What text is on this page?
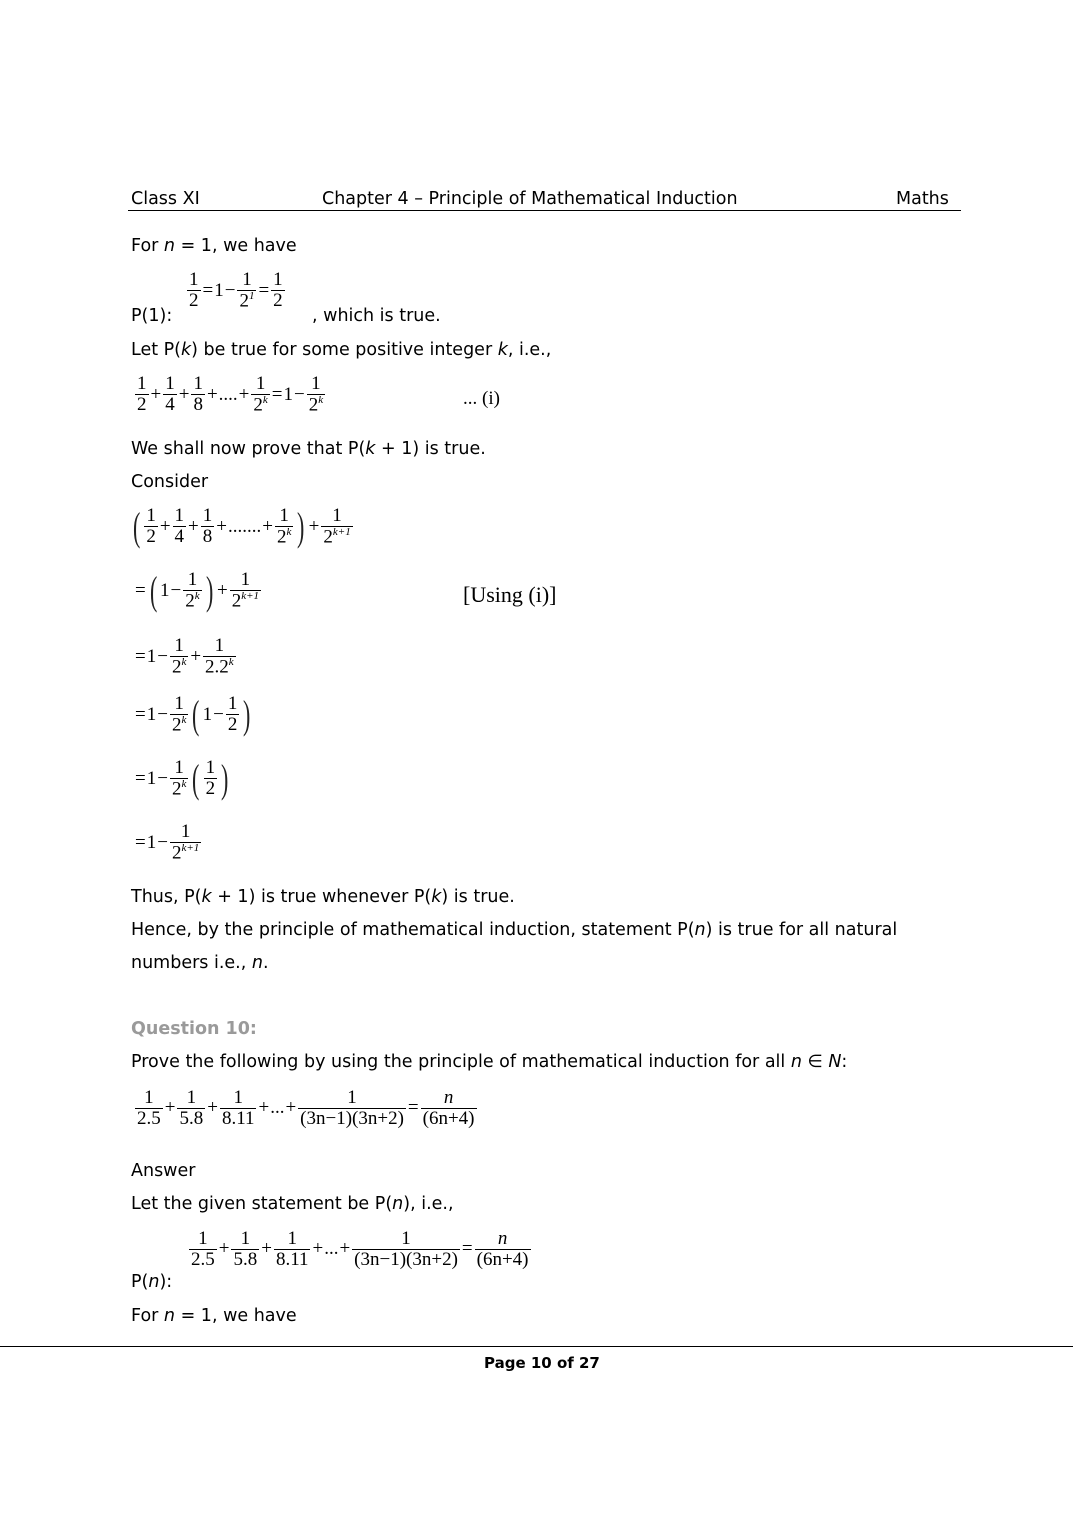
Class XI	Chapter 4 – Principle of Mathematical Induction	Maths
For n = 1, we have
P(1):
$\frac{1}{2} = 1 - \frac{1}{2^1} = \frac{1}{2}$
, which is true.
Let P(k) be true for some positive integer k, i.e.,
$\frac{1}{2} + \frac{1}{4} + \frac{1}{8}$ + .... + $\frac{1}{2^k} = 1 - \frac{1}{2^k}$	... (i)
We shall now prove that P(k + 1) is true.
Consider
( $\frac{1}{2} + \frac{1}{4} + \frac{1}{8}$ + ....... + $\frac{1}{2^k}$ ) + $\frac{1}{2^{k+1}}$
= ( $1 - \frac{1}{2^k}$ ) + $\frac{1}{2^{k+1}}$	[Using (i)]
= $1 - \frac{1}{2^k} + \frac{1}{2.2^k}$
= $1 - \frac{1}{2^k}$ ( $1 - \frac{1}{2}$ )
= $1 - \frac{1}{2^k}$ ( $\frac{1}{2}$ )
= $1 - \frac{1}{2^{k+1}}$
Thus, P(k + 1) is true whenever P(k) is true.
Hence, by the principle of mathematical induction, statement P(n) is true for all natural
numbers i.e., n.
Question 10:
Prove the following by using the principle of mathematical induction for all n ∈ N:
$\frac{1}{2.5} + \frac{1}{5.8} + \frac{1}{8.11}$ + ... + $\frac{1}{(3n-1)(3n+2)} = \frac{n}{(6n+4)}$
Answer
Let the given statement be P(n), i.e.,
P(n):
$\frac{1}{2.5} + \frac{1}{5.8} + \frac{1}{8.11}$ + ... + $\frac{1}{(3n-1)(3n+2)} = \frac{n}{(6n+4)}$
For n = 1, we have
Page 10 of 27
